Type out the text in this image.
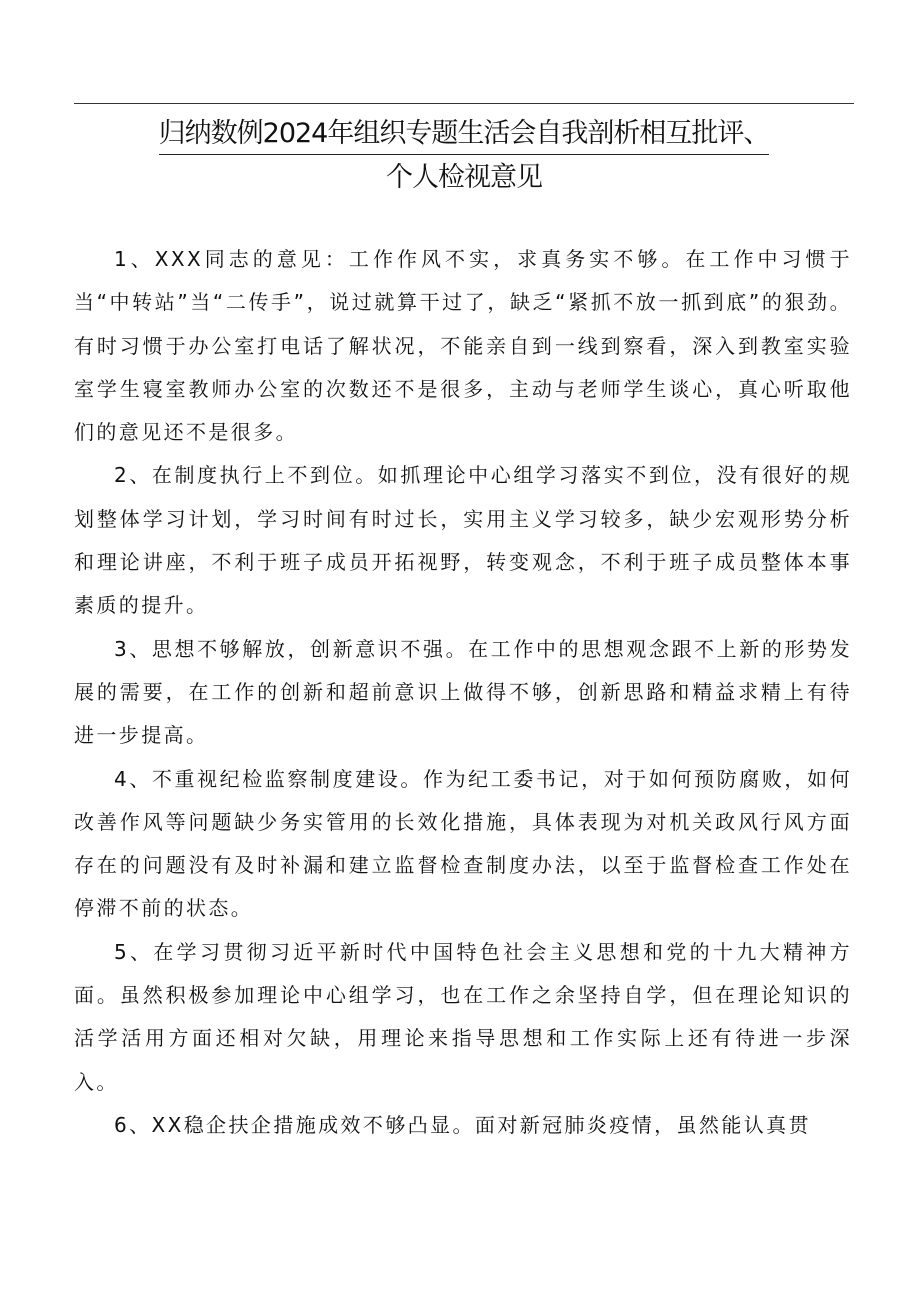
归纳数例2024年组织专题生活会自我剖析相互批评、
个人检视意见

1、XXX同志的意见：工作作风不实，求真务实不够。在工作中习惯于当“中转站”当“二传手”，说过就算干过了，缺乏“紧抓不放一抓到底”的狠劲。有时习惯于办公室打电话了解状况，不能亲自到一线到察看，深入到教室实验室学生寝室教师办公室的次数还不是很多，主动与老师学生谈心，真心听取他们的意见还不是很多。

2、在制度执行上不到位。如抓理论中心组学习落实不到位，没有很好的规划整体学习计划，学习时间有时过长，实用主义学习较多，缺少宏观形势分析和理论讲座，不利于班子成员开拓视野，转变观念，不利于班子成员整体本事素质的提升。

3、思想不够解放，创新意识不强。在工作中的思想观念跟不上新的形势发展的需要，在工作的创新和超前意识上做得不够，创新思路和精益求精上有待进一步提高。

4、不重视纪检监察制度建设。作为纪工委书记，对于如何预防腐败，如何改善作风等问题缺少务实管用的长效化措施，具体表现为对机关政风行风方面存在的问题没有及时补漏和建立监督检查制度办法，以至于监督检查工作处在停滞不前的状态。

5、在学习贯彻习近平新时代中国特色社会主义思想和党的十九大精神方面。虽然积极参加理论中心组学习，也在工作之余坚持自学，但在理论知识的活学活用方面还相对欠缺，用理论来指导思想和工作实际上还有待进一步深入。

6、XX稳企扶企措施成效不够凸显。面对新冠肺炎疫情，虽然能认真贯
